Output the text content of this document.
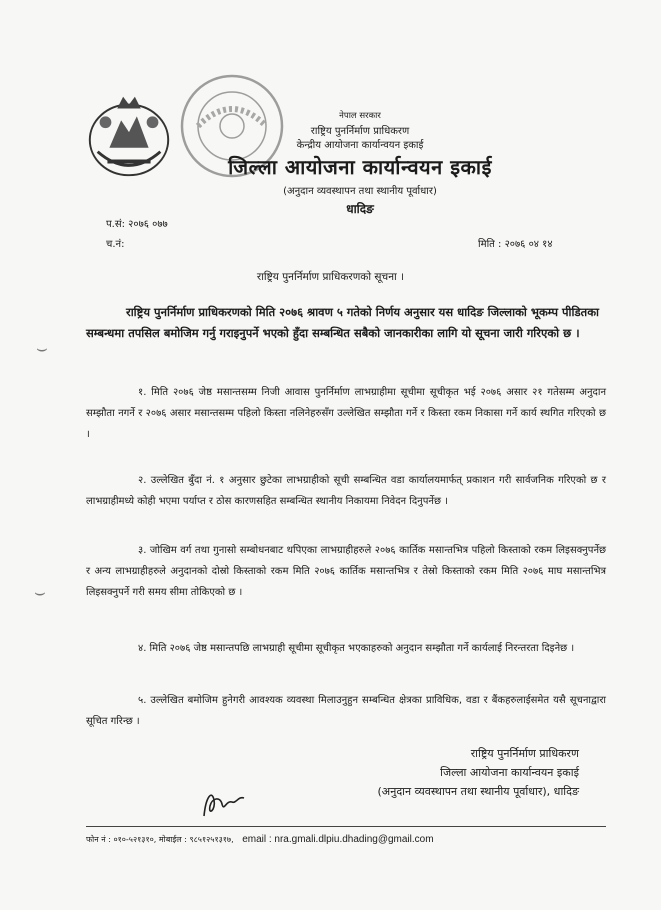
नेपाल सरकार
राष्ट्रिय पुनर्निर्माण प्राधिकरण
केन्द्रीय आयोजना कार्यान्वयन इकाई
जिल्ला आयोजना कार्यान्वयन इकाई
(अनुदान व्यवस्थापन तथा स्थानीय पूर्वाधार)
धादिङ
प.सं: २०७६ ०७७
च.नं:	मिति : २०७६ ०४ १४
राष्ट्रिय पुनर्निर्माण प्राधिकरणको सूचना ।
राष्ट्रिय पुनर्निर्माण प्राधिकरणको मिति २०७६ श्रावण ५ गतेको निर्णय अनुसार यस धादिङ जिल्लाको भूकम्प पीडितका सम्बन्धमा तपसिल बमोजिम गर्नु गराइनुपर्ने भएको हुँदा सम्बन्धित सबैको जानकारीका लागि यो सूचना जारी गरिएको छ ।
१. मिति २०७६ जेष्ठ मसान्तसम्म निजी आवास पुनर्निर्माण लाभग्राहीमा सूचीमा सूचीकृत भई २०७६ असार २१ गतेसम्म अनुदान सम्झौता नगर्ने र २०७६ असार मसान्तसम्म पहिलो किस्ता नलिनेहरुसँग उल्लेखित सम्झौता गर्ने र किस्ता रकम निकासा गर्ने कार्य स्थगित गरिएको छ ।
२. उल्लेखित बुँदा नं. १ अनुसार छुटेका लाभग्राहीको सूची सम्बन्धित वडा कार्यालयमार्फत् प्रकाशन गरी सार्वजनिक गरिएको छ र लाभग्राहीमध्ये कोही भएमा पर्याप्त र ठोस कारणसहित सम्बन्धित स्थानीय निकायमा निवेदन दिनुपर्नेछ ।
३. जोखिम वर्ग तथा गुनासो सम्बोधनबाट थपिएका लाभग्राहीहरुले २०७६ कार्तिक मसान्तभित्र पहिलो किस्ताको रकम लिइसक्नुपर्नेछ र अन्य लाभग्राहीहरुले अनुदानको दोस्रो किस्ताको रकम मिति २०७६ कार्तिक मसान्तभित्र र तेस्रो किस्ताको रकम मिति २०७६ माघ मसान्तभित्र लिइसक्नुपर्ने गरी समय सीमा तोकिएको छ ।
४. मिति २०७६ जेष्ठ मसान्तपछि लाभग्राही सूचीमा सूचीकृत भएकाहरुको अनुदान सम्झौता गर्ने कार्यलाई निरन्तरता दिइनेछ ।
५. उल्लेखित बमोजिम हुनेगरी आवश्यक व्यवस्था मिलाउनुहुन सम्बन्धित क्षेत्रका प्राविधिक, वडा र बैंकहरुलाईसमेत यसै सूचनाद्वारा सूचित गरिन्छ ।
राष्ट्रिय पुनर्निर्माण प्राधिकरण
जिल्ला आयोजना कार्यान्वयन इकाई
(अनुदान व्यवस्थापन तथा स्थानीय पूर्वाधार), धादिङ
फोन नं : ०१०-५२१३१०, मोबाईल : ९८५१२५१३१७, email : nra.gmali.dlpiu.dhading@gmail.com
⌣
⌣
